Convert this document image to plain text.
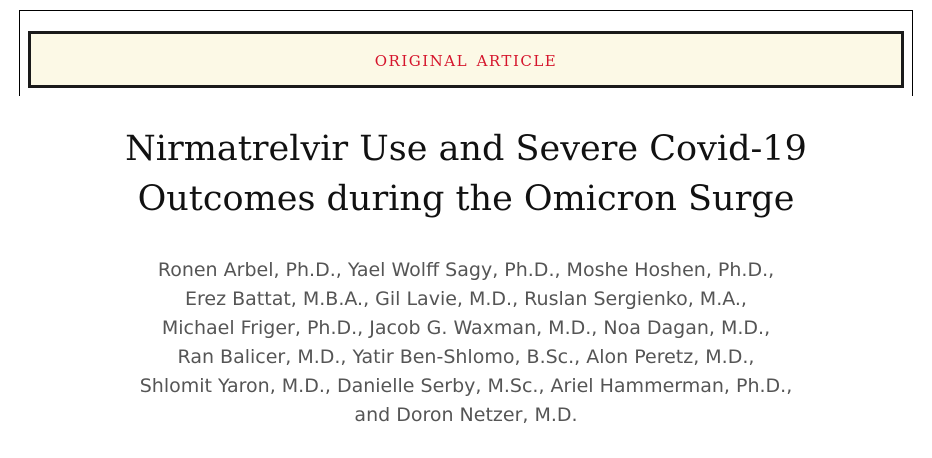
original article
Nirmatrelvir Use and Severe Covid-19
Outcomes during the Omicron Surge
Ronen Arbel, Ph.D., Yael Wolff Sagy, Ph.D., Moshe Hoshen, Ph.D.,
Erez Battat, M.B.A., Gil Lavie, M.D., Ruslan Sergienko, M.A.,
Michael Friger, Ph.D., Jacob G. Waxman, M.D., Noa Dagan, M.D.,
Ran Balicer, M.D., Yatir Ben-Shlomo, B.Sc., Alon Peretz, M.D.,
Shlomit Yaron, M.D., Danielle Serby, M.Sc., Ariel Hammerman, Ph.D.,
and Doron Netzer, M.D.
